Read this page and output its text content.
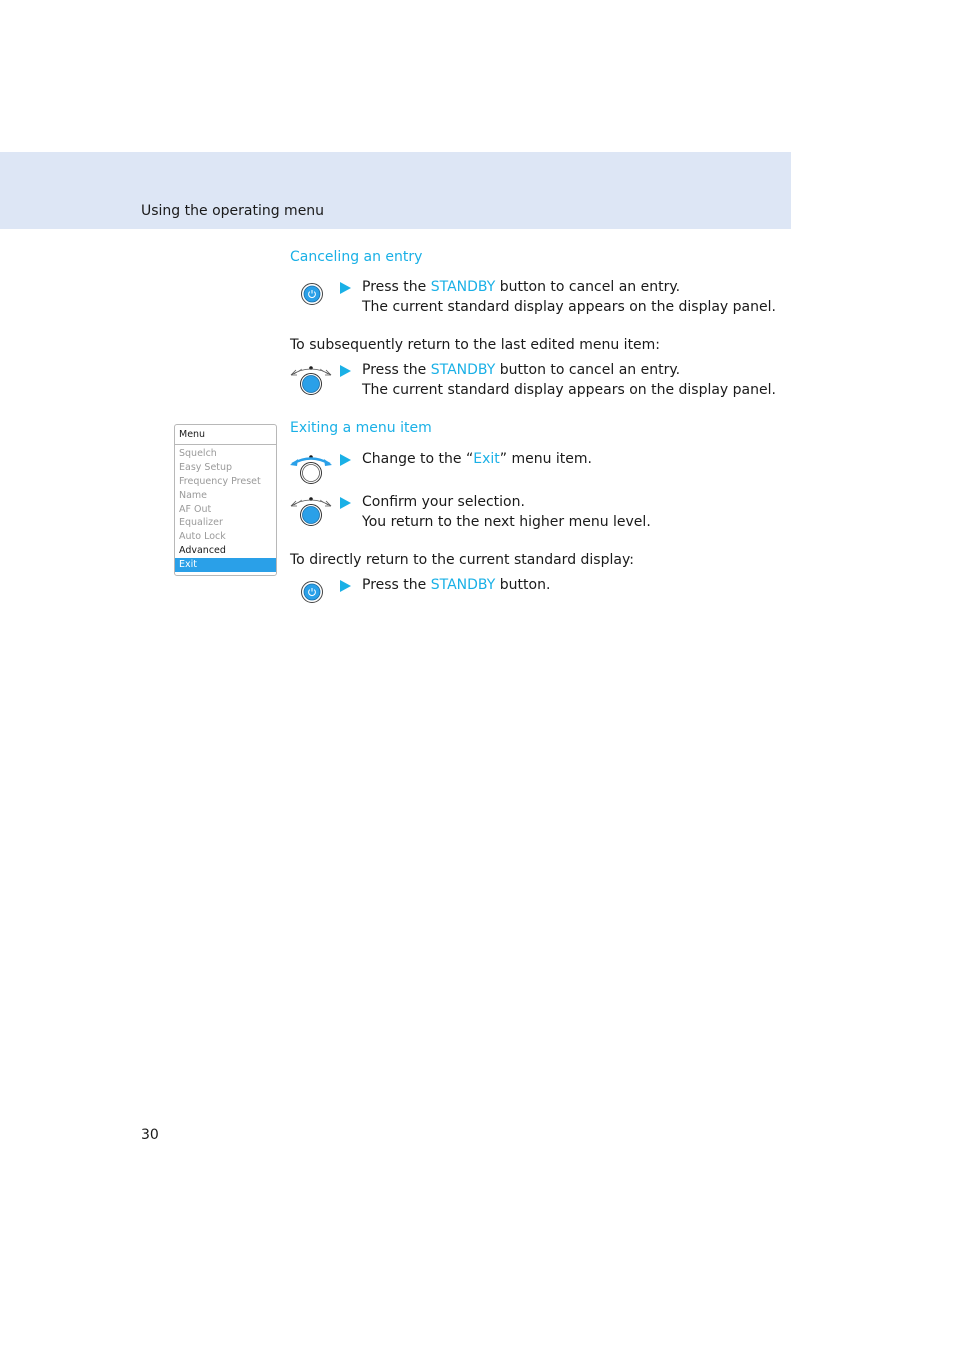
Using the operating menu
Canceling an entry
Press the STANDBY button to cancel an entry.
The current standard display appears on the display panel.
To subsequently return to the last edited menu item:
Press the STANDBY button to cancel an entry.
The current standard display appears on the display panel.
Menu
Squelch
Easy Setup
Frequency Preset
Name
AF Out
Equalizer
Auto Lock
Advanced
Exit
Exiting a menu item
Change to the “Exit” menu item.
Confirm your selection.
You return to the next higher menu level.
To directly return to the current standard display:
Press the STANDBY button.
30
